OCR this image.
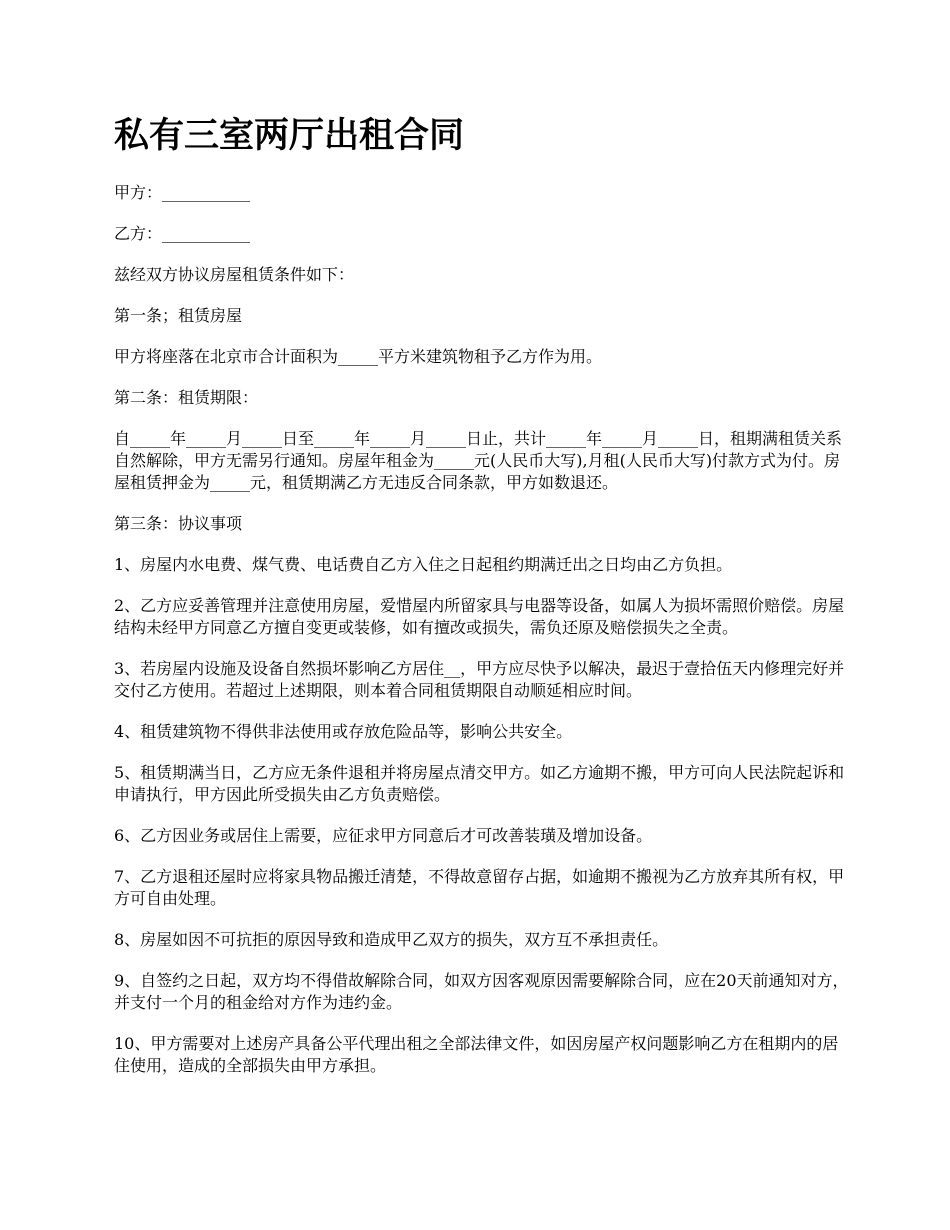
私有三室两厅出租合同

甲方：___________

乙方：___________

兹经双方协议房屋租赁条件如下：

第一条；租赁房屋

甲方将座落在北京市合计面积为_____平方米建筑物租予乙方作为用。

第二条：租赁期限：

自_____年_____月_____日至_____年_____月_____日止，共计_____年_____月_____日，租期满租赁关系自然解除，甲方无需另行通知。房屋年租金为_____元(人民币大写),月租(人民币大写)付款方式为付。房屋租赁押金为_____元，租赁期满乙方无违反合同条款，甲方如数退还。

第三条：协议事项

1、房屋内水电费、煤气费、电话费自乙方入住之日起租约期满迁出之日均由乙方负担。

2、乙方应妥善管理并注意使用房屋，爱惜屋内所留家具与电器等设备，如属人为损坏需照价赔偿。房屋结构未经甲方同意乙方擅自变更或装修，如有擅改或损失，需负还原及赔偿损失之全责。

3、若房屋内设施及设备自然损坏影响乙方居住__，甲方应尽快予以解决，最迟于壹拾伍天内修理完好并交付乙方使用。若超过上述期限，则本着合同租赁期限自动顺延相应时间。

4、租赁建筑物不得供非法使用或存放危险品等，影响公共安全。

5、租赁期满当日，乙方应无条件退租并将房屋点清交甲方。如乙方逾期不搬，甲方可向人民法院起诉和申请执行，甲方因此所受损失由乙方负责赔偿。

6、乙方因业务或居住上需要，应征求甲方同意后才可改善装璜及增加设备。

7、乙方退租还屋时应将家具物品搬迁清楚，不得故意留存占据，如逾期不搬视为乙方放弃其所有权，甲方可自由处理。

8、房屋如因不可抗拒的原因导致和造成甲乙双方的损失，双方互不承担责任。

9、自签约之日起，双方均不得借故解除合同，如双方因客观原因需要解除合同，应在20天前通知对方，并支付一个月的租金给对方作为违约金。

10、甲方需要对上述房产具备公平代理出租之全部法律文件，如因房屋产权问题影响乙方在租期内的居住使用，造成的全部损失由甲方承担。
